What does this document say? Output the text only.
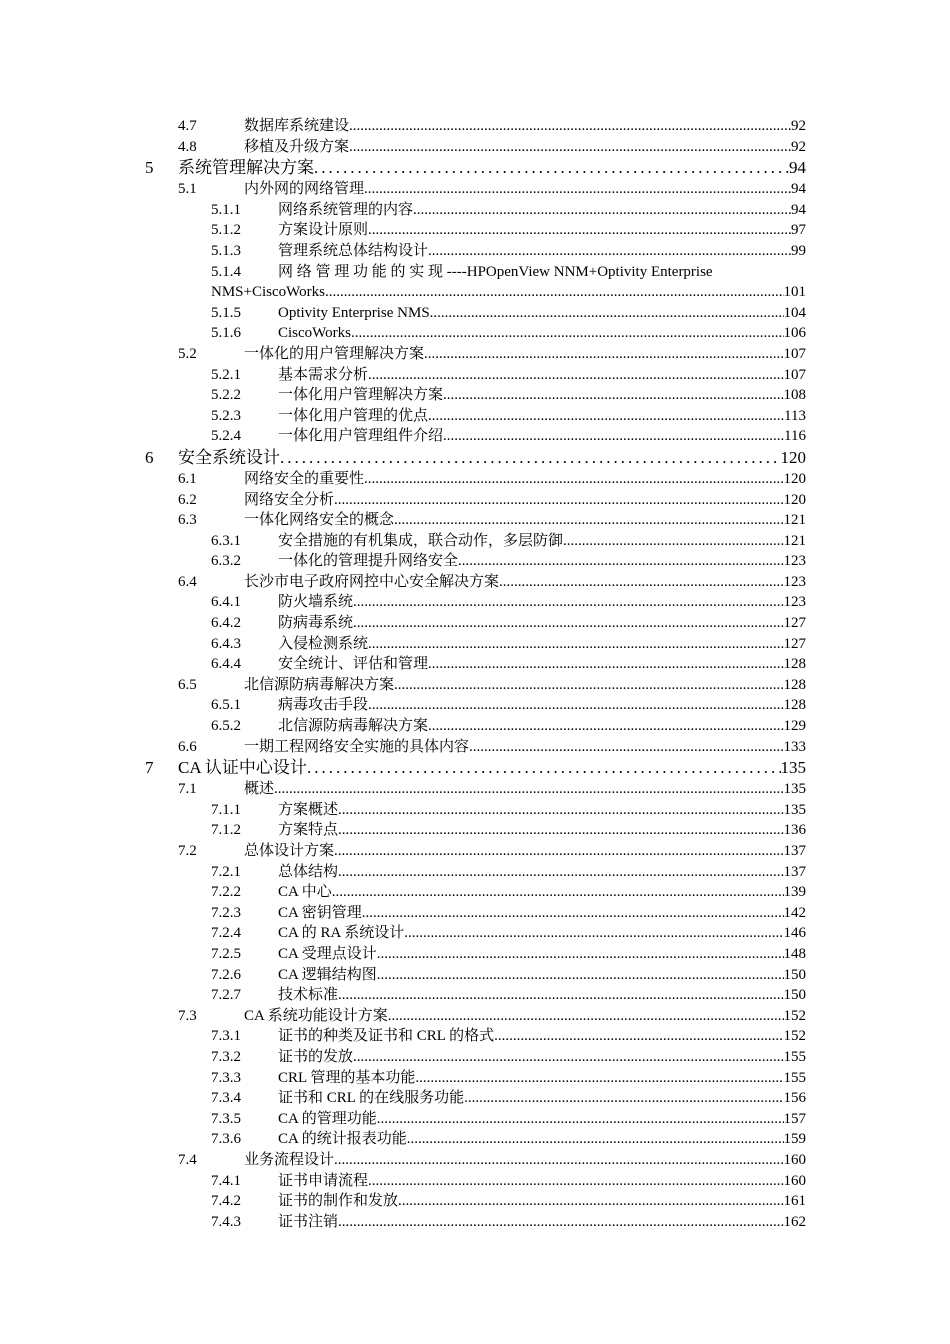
4.7	数据库系统建设 .....	92
4.8	移植及升级方案 .....	92
5 系统管理解决方案 .....	94
5.1	内外网的网络管理 .....	94
5.1.1 网络系统管理的内容 .....	94
5.1.2 方案设计原则 .....	97
5.1.3 管理系统总体结构设计 .....	99
5.1.4 网 络 管 理 功 能 的 实 现 ----HPOpenView NNM+Optivity Enterprise
NMS+CiscoWorks .....	101
5.1.5 Optivity Enterprise NMS .....	104
5.1.6 CiscoWorks .....	106
5.2	一体化的用户管理解决方案 .....	107
5.2.1 基本需求分析 .....	107
5.2.2 一体化用户管理解决方案 .....	108
5.2.3 一体化用户管理的优点 .....	113
5.2.4 一体化用户管理组件介绍 .....	116
6 安全系统设计 .....	120
6.1	网络安全的重要性 .....	120
6.2	网络安全分析 .....	120
6.3	一体化网络安全的概念 .....	121
6.3.1 安全措施的有机集成，联合动作，多层防御 .....	121
6.3.2 一体化的管理提升网络安全 .....	123
6.4	长沙市电子政府网控中心安全解决方案 .....	123
6.4.1 防火墙系统 .....	123
6.4.2 防病毒系统 .....	127
6.4.3 入侵检测系统 .....	127
6.4.4 安全统计、评估和管理 .....	128
6.5	北信源防病毒解决方案 .....	128
6.5.1 病毒攻击手段 .....	128
6.5.2 北信源防病毒解决方案 .....	129
6.6	一期工程网络安全实施的具体内容 .....	133
7 CA 认证中心设计 .....	135
7.1	概述 .....	135
7.1.1 方案概述 .....	135
7.1.2 方案特点 .....	136
7.2	总体设计方案 .....	137
7.2.1 总体结构 .....	137
7.2.2 CA 中心 .....	139
7.2.3 CA 密钥管理 .....	142
7.2.4 CA 的 RA 系统设计 .....	146
7.2.5 CA 受理点设计 .....	148
7.2.6 CA 逻辑结构图 .....	150
7.2.7 技术标准 .....	150
7.3	CA 系统功能设计方案 .....	152
7.3.1 证书的种类及证书和 CRL 的格式 .....	152
7.3.2 证书的发放 .....	155
7.3.3 CRL 管理的基本功能 .....	155
7.3.4 证书和 CRL 的在线服务功能 .....	156
7.3.5 CA 的管理功能 .....	157
7.3.6 CA 的统计报表功能 .....	159
7.4	业务流程设计 .....	160
7.4.1 证书申请流程 .....	160
7.4.2 证书的制作和发放 .....	161
7.4.3 证书注销 .....	162
